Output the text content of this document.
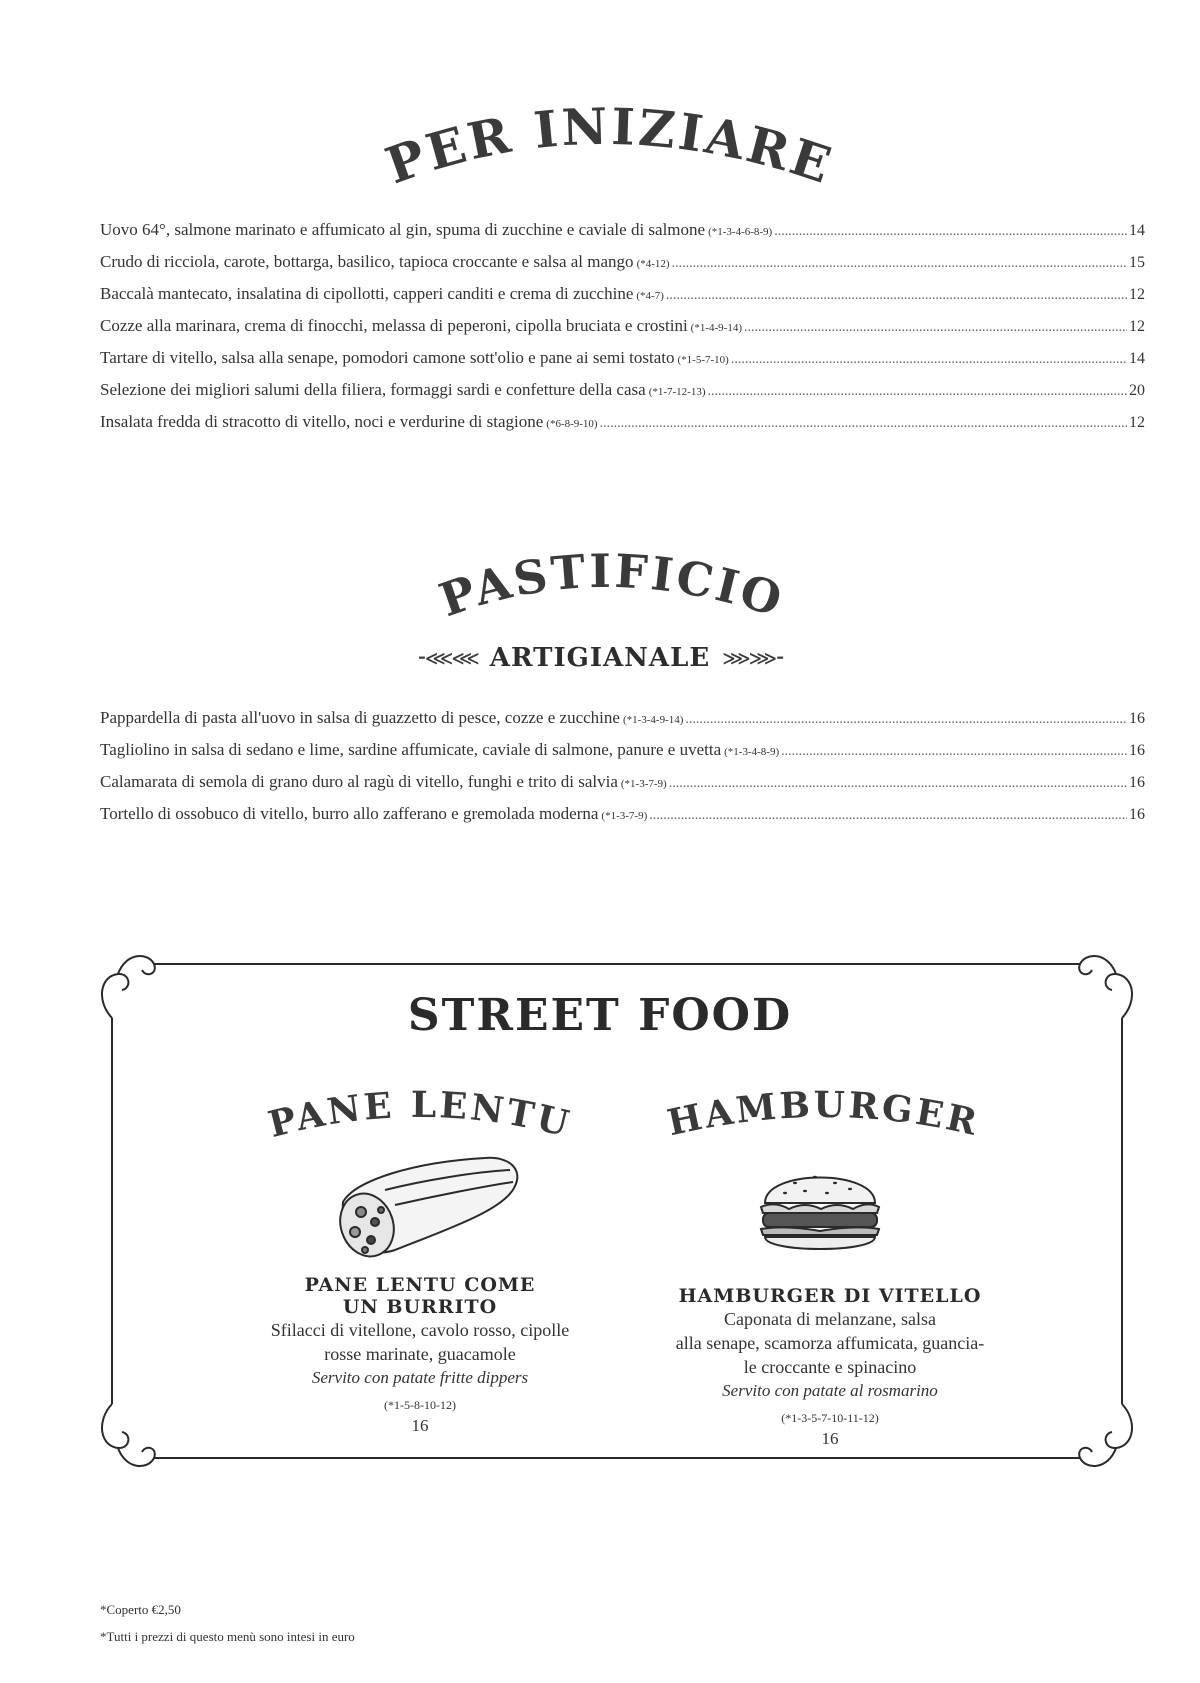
PER INIZIARE
Uovo 64°, salmone marinato e affumicato al gin, spuma di zucchine e caviale di salmone (*1-3-4-6-8-9) .....	14
Crudo di ricciola, carote, bottarga, basilico, tapioca croccante e salsa al mango (*4-12) .....	15
Baccalà mantecato, insalatina di cipollotti, capperi canditi e crema di zucchine (*4-7) .....	12
Cozze alla marinara, crema di finocchi, melassa di peperoni, cipolla bruciata e crostini (*1-4-9-14) .....	12
Tartare di vitello, salsa alla senape, pomodori camone sott'olio e pane ai semi tostato (*1-5-7-10) .....	14
Selezione dei migliori salumi della filiera, formaggi sardi e confetture della casa (*1-7-12-13) .....	20
Insalata fredda di stracotto di vitello, noci e verdurine di stagione (*6-8-9-10) .....	12
PASTIFICIO
⁃⋘⋘ ARTIGIANALE ⋙⋙⁃
Pappardella di pasta all'uovo in salsa di guazzetto di pesce, cozze e zucchine (*1-3-4-9-14) .....	16
Tagliolino in salsa di sedano e lime, sardine affumicate, caviale di salmone, panure e uvetta (*1-3-4-8-9) .....	16
Calamarata di semola di grano duro al ragù di vitello, funghi e trito di salvia (*1-3-7-9) .....	16
Tortello di ossobuco di vitello, burro allo zafferano e gremolada moderna (*1-3-7-9) .....	16
STREET FOOD
PANE LENTU HAMBURGER
PANE LENTU COME
UN BURRITO
Sfilacci di vitellone, cavolo rosso, cipolle
rosse marinate, guacamole
Servito con patate fritte dippers
(*1-5-8-10-12)
16
HAMBURGER DI VITELLO
Caponata di melanzane, salsa
alla senape, scamorza affumicata, guancia-
le croccante e spinacino
Servito con patate al rosmarino
(*1-3-5-7-10-11-12)
16
*Coperto €2,50
*Tutti i prezzi di questo menù sono intesi in euro
